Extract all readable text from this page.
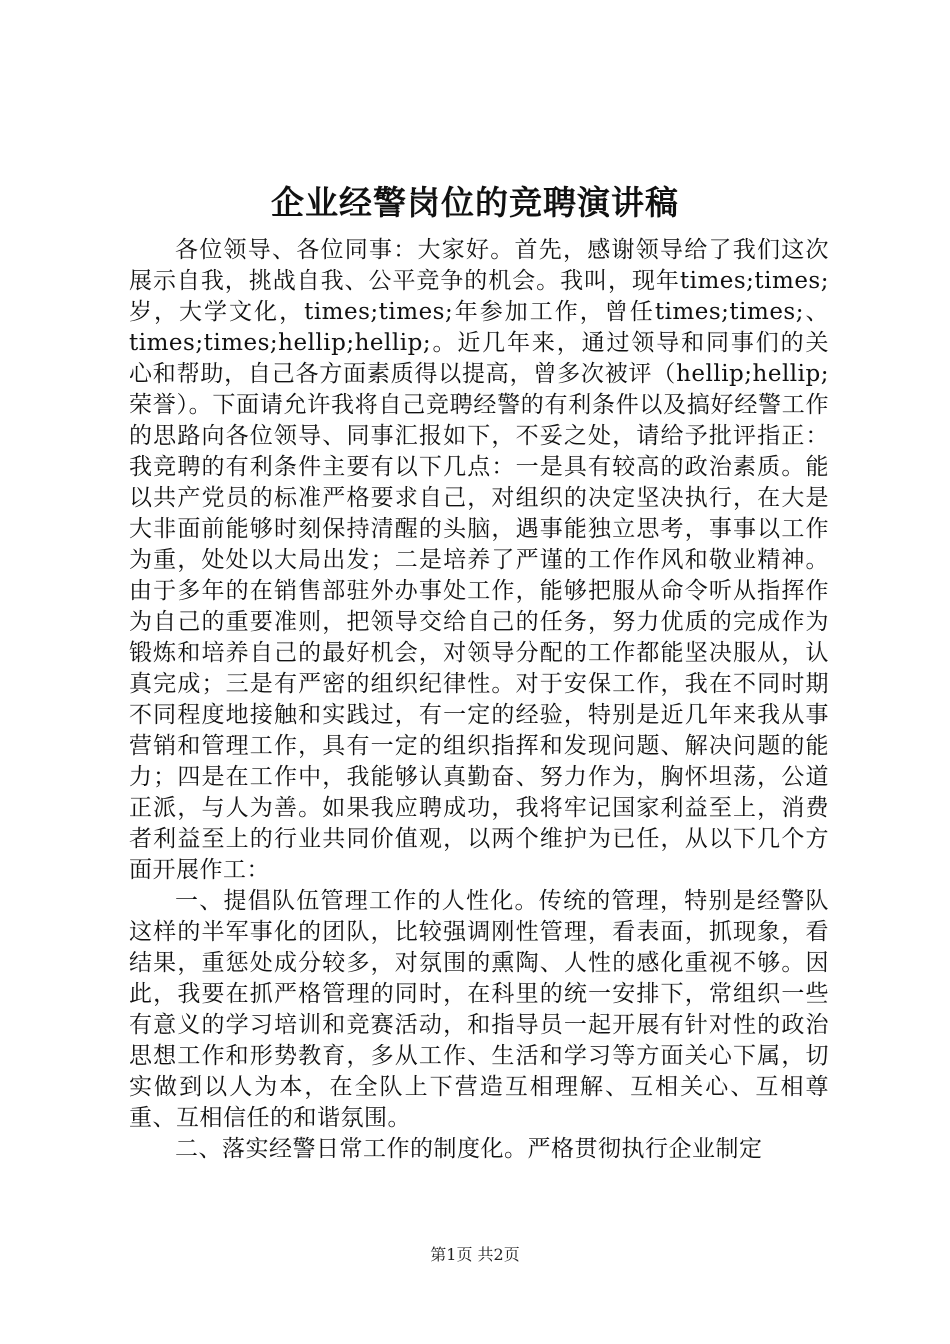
企业经警岗位的竞聘演讲稿

各位领导、各位同事：大家好。首先，感谢领导给了我们这次展示自我，挑战自我、公平竞争的机会。我叫，现年times;times;岁，大学文化，times;times;年参加工作，曾任times;times;、times;times;hellip;hellip;。近几年来，通过领导和同事们的关心和帮助，自己各方面素质得以提高，曾多次被评（hellip;hellip;荣誉）。下面请允许我将自己竞聘经警的有利条件以及搞好经警工作的思路向各位领导、同事汇报如下，不妥之处，请给予批评指正：我竞聘的有利条件主要有以下几点：一是具有较高的政治素质。能以共产党员的标准严格要求自己，对组织的决定坚决执行，在大是大非面前能够时刻保持清醒的头脑，遇事能独立思考，事事以工作为重，处处以大局出发；二是培养了严谨的工作作风和敬业精神。由于多年的在销售部驻外办事处工作，能够把服从命令听从指挥作为自己的重要准则，把领导交给自己的任务，努力优质的完成作为锻炼和培养自己的最好机会，对领导分配的工作都能坚决服从，认真完成；三是有严密的组织纪律性。对于安保工作，我在不同时期不同程度地接触和实践过，有一定的经验，特别是近几年来我从事营销和管理工作，具有一定的组织指挥和发现问题、解决问题的能力；四是在工作中，我能够认真勤奋、努力作为，胸怀坦荡，公道正派，与人为善。如果我应聘成功，我将牢记国家利益至上，消费者利益至上的行业共同价值观，以两个维护为已任，从以下几个方面开展作工：

一、提倡队伍管理工作的人性化。传统的管理，特别是经警队这样的半军事化的团队，比较强调刚性管理，看表面，抓现象，看结果，重惩处成分较多，对氛围的熏陶、人性的感化重视不够。因此，我要在抓严格管理的同时，在科里的统一安排下，常组织一些有意义的学习培训和竞赛活动，和指导员一起开展有针对性的政治思想工作和形势教育，多从工作、生活和学习等方面关心下属，切实做到以人为本，在全队上下营造互相理解、互相关心、互相尊重、互相信任的和谐氛围。

二、落实经警日常工作的制度化。严格贯彻执行企业制定

第1页 共2页
